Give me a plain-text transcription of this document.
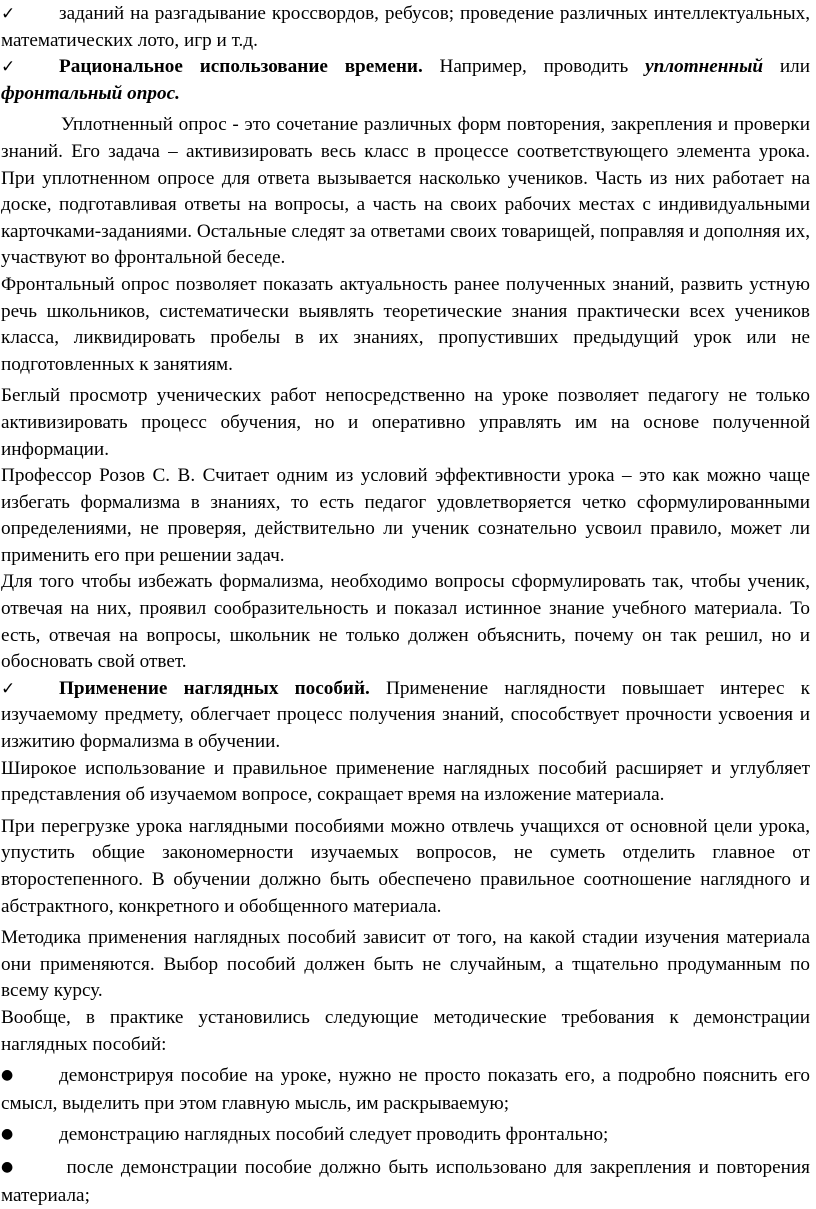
✓ заданий на разгадывание кроссвордов, ребусов; проведение различных интеллектуальных, математических лото, игр и т.д.

✓ Рациональное использование времени. Например, проводить уплотненный или фронтальный опрос.

Уплотненный опрос - это сочетание различных форм повторения, закрепления и проверки знаний. Его задача – активизировать весь класс в процессе соответствующего элемента урока. При уплотненном опросе для ответа вызывается насколько учеников. Часть из них работает на доске, подготавливая ответы на вопросы, а часть на своих рабочих местах с индивидуальными карточками-заданиями. Остальные следят за ответами своих товарищей, поправляя и дополняя их, участвуют во фронтальной беседе.

Фронтальный опрос позволяет показать актуальность ранее полученных знаний, развить устную речь школьников, систематически выявлять теоретические знания практически всех учеников класса, ликвидировать пробелы в их знаниях, пропустивших предыдущий урок или не подготовленных к занятиям.

Беглый просмотр ученических работ непосредственно на уроке позволяет педагогу не только активизировать процесс обучения, но и оперативно управлять им на основе полученной информации.

Профессор Розов С. В. Считает одним из условий эффективности урока – это как можно чаще избегать формализма в знаниях, то есть педагог удовлетворяется четко сформулированными определениями, не проверяя, действительно ли ученик сознательно усвоил правило, может ли применить его при решении задач.

Для того чтобы избежать формализма, необходимо вопросы сформулировать так, чтобы ученик, отвечая на них, проявил сообразительность и показал истинное знание учебного материала. То есть, отвечая на вопросы, школьник не только должен объяснить, почему он так решил, но и обосновать свой ответ.

✓ Применение наглядных пособий. Применение наглядности повышает интерес к изучаемому предмету, облегчает процесс получения знаний, способствует прочности усвоения и изжитию формализма в обучении.

Широкое использование и правильное применение наглядных пособий расширяет и углубляет представления об изучаемом вопросе, сокращает время на изложение материала.

При перегрузке урока наглядными пособиями можно отвлечь учащихся от основной цели урока, упустить общие закономерности изучаемых вопросов, не суметь отделить главное от второстепенного. В обучении должно быть обеспечено правильное соотношение наглядного и абстрактного, конкретного и обобщенного материала.

Методика применения наглядных пособий зависит от того, на какой стадии изучения материала они применяются. Выбор пособий должен быть не случайным, а тщательно продуманным по всему курсу.

Вообще, в практике установились следующие методические требования к демонстрации наглядных пособий:

● демонстрируя пособие на уроке, нужно не просто показать его, а подробно пояснить его смысл, выделить при этом главную мысль, им раскрываемую;

● демонстрацию наглядных пособий следует проводить фронтально;

● после демонстрации пособие должно быть использовано для закрепления и повторения материала;
